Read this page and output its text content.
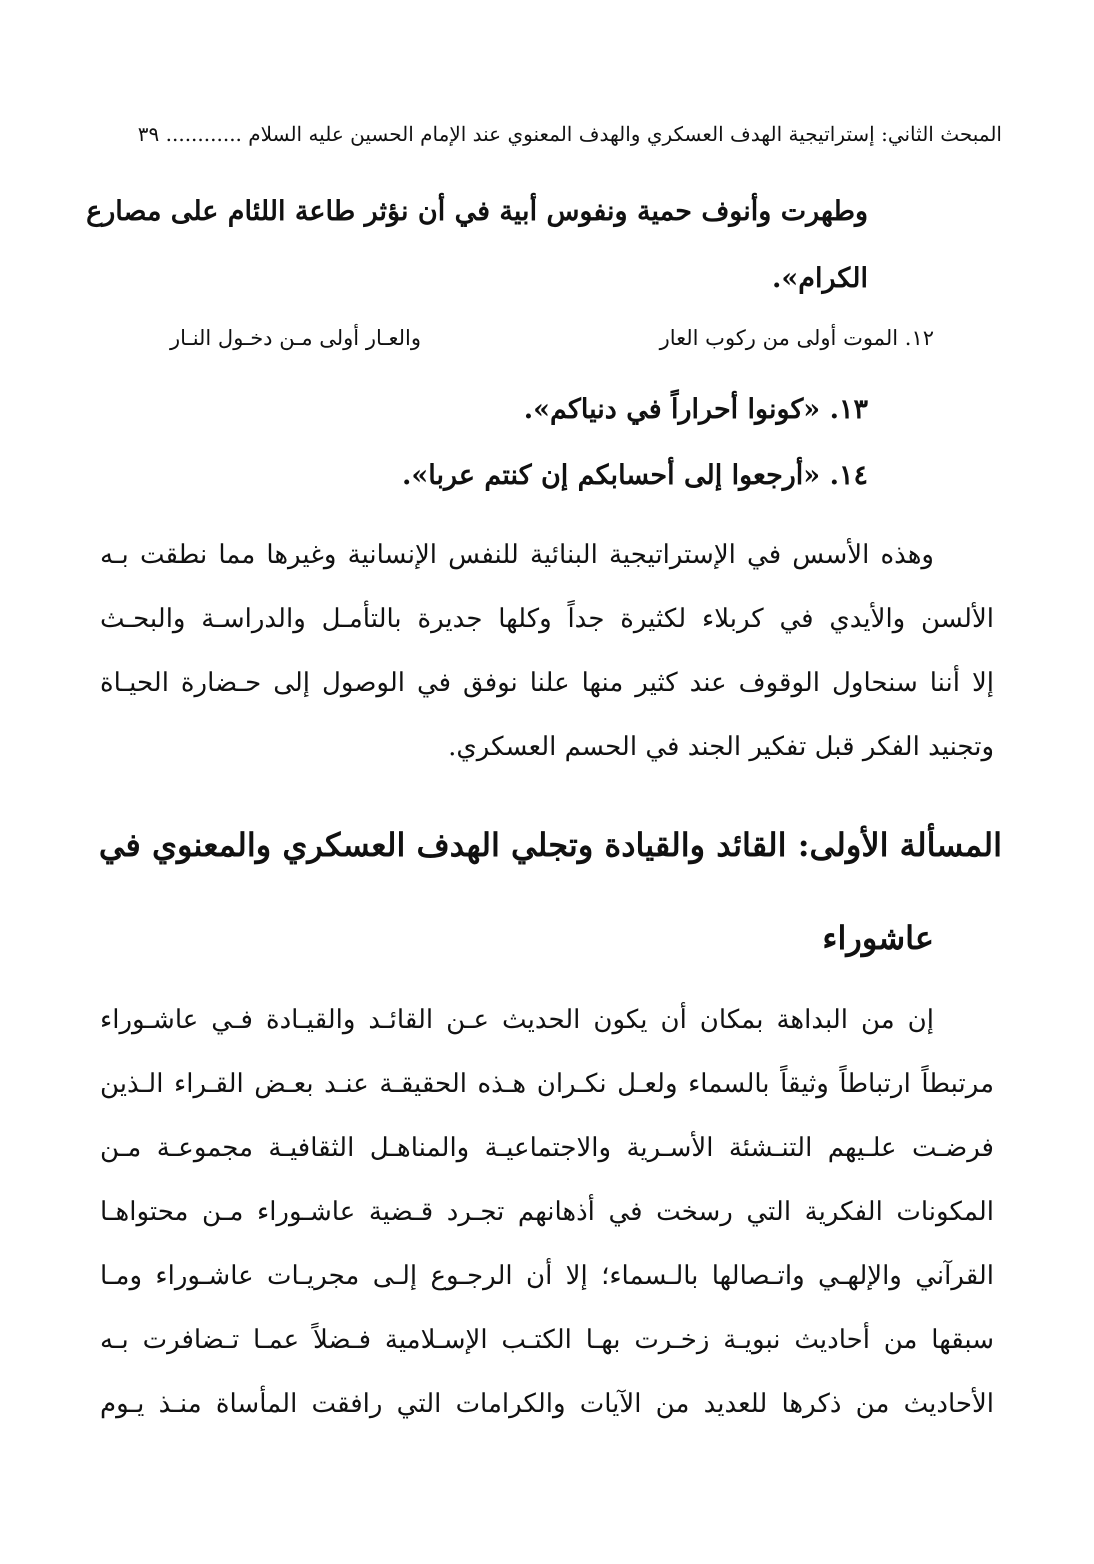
المبحث الثاني: إستراتيجية الهدف العسكري والهدف المعنوي عند الإمام الحسين عليه السلام ............ ٣٩
وطهرت وأنوف حمية ونفوس أبية في أن نؤثر طاعة اللئام على مصارع
الكرام».
١٢. الموت أولى من ركوب العار
والعـار أولى مـن دخـول النـار
١٣. «كونوا أحراراً في دنياكم».
١٤. «أرجعوا إلى أحسابكم إن كنتم عربا».
وهذه الأسس في الإستراتيجية البنائية للنفس الإنسانية وغيرها مما نطقت بـه
الألسن والأيدي في كربلاء لكثيرة جداً وكلها جديرة بالتأمـل والدراسـة والبحـث
إلا أننا سنحاول الوقوف عند كثير منها علنا نوفق في الوصول إلى حـضارة الحيـاة
وتجنيد الفكر قبل تفكير الجند في الحسم العسكري.
المسألة الأولى: القائد والقيادة وتجلي الهدف العسكري والمعنوي في
عاشوراء
إن من البداهة بمكان أن يكون الحديث عـن القائـد والقيـادة فـي عاشـوراء
مرتبطاً ارتباطاً وثيقاً بالسماء ولعـل نكـران هـذه الحقيقـة عنـد بعـض القـراء الـذين
فرضـت علـيهم التنـشئة الأسـرية والاجتماعيـة والمناهـل الثقافيـة مجموعـة مـن
المكونات الفكرية التي رسخت في أذهانهم تجـرد قـضية عاشـوراء مـن محتواهـا
القرآني والإلهـي واتـصالها بالـسماء؛ إلا أن الرجـوع إلـى مجريـات عاشـوراء ومـا
سبقها من أحاديث نبويـة زخـرت بهـا الكتـب الإسـلامية فـضلاً عمـا تـضافرت بـه
الأحاديث من ذكرها للعديد من الآيات والكرامات التي رافقت المأساة منـذ يـوم
